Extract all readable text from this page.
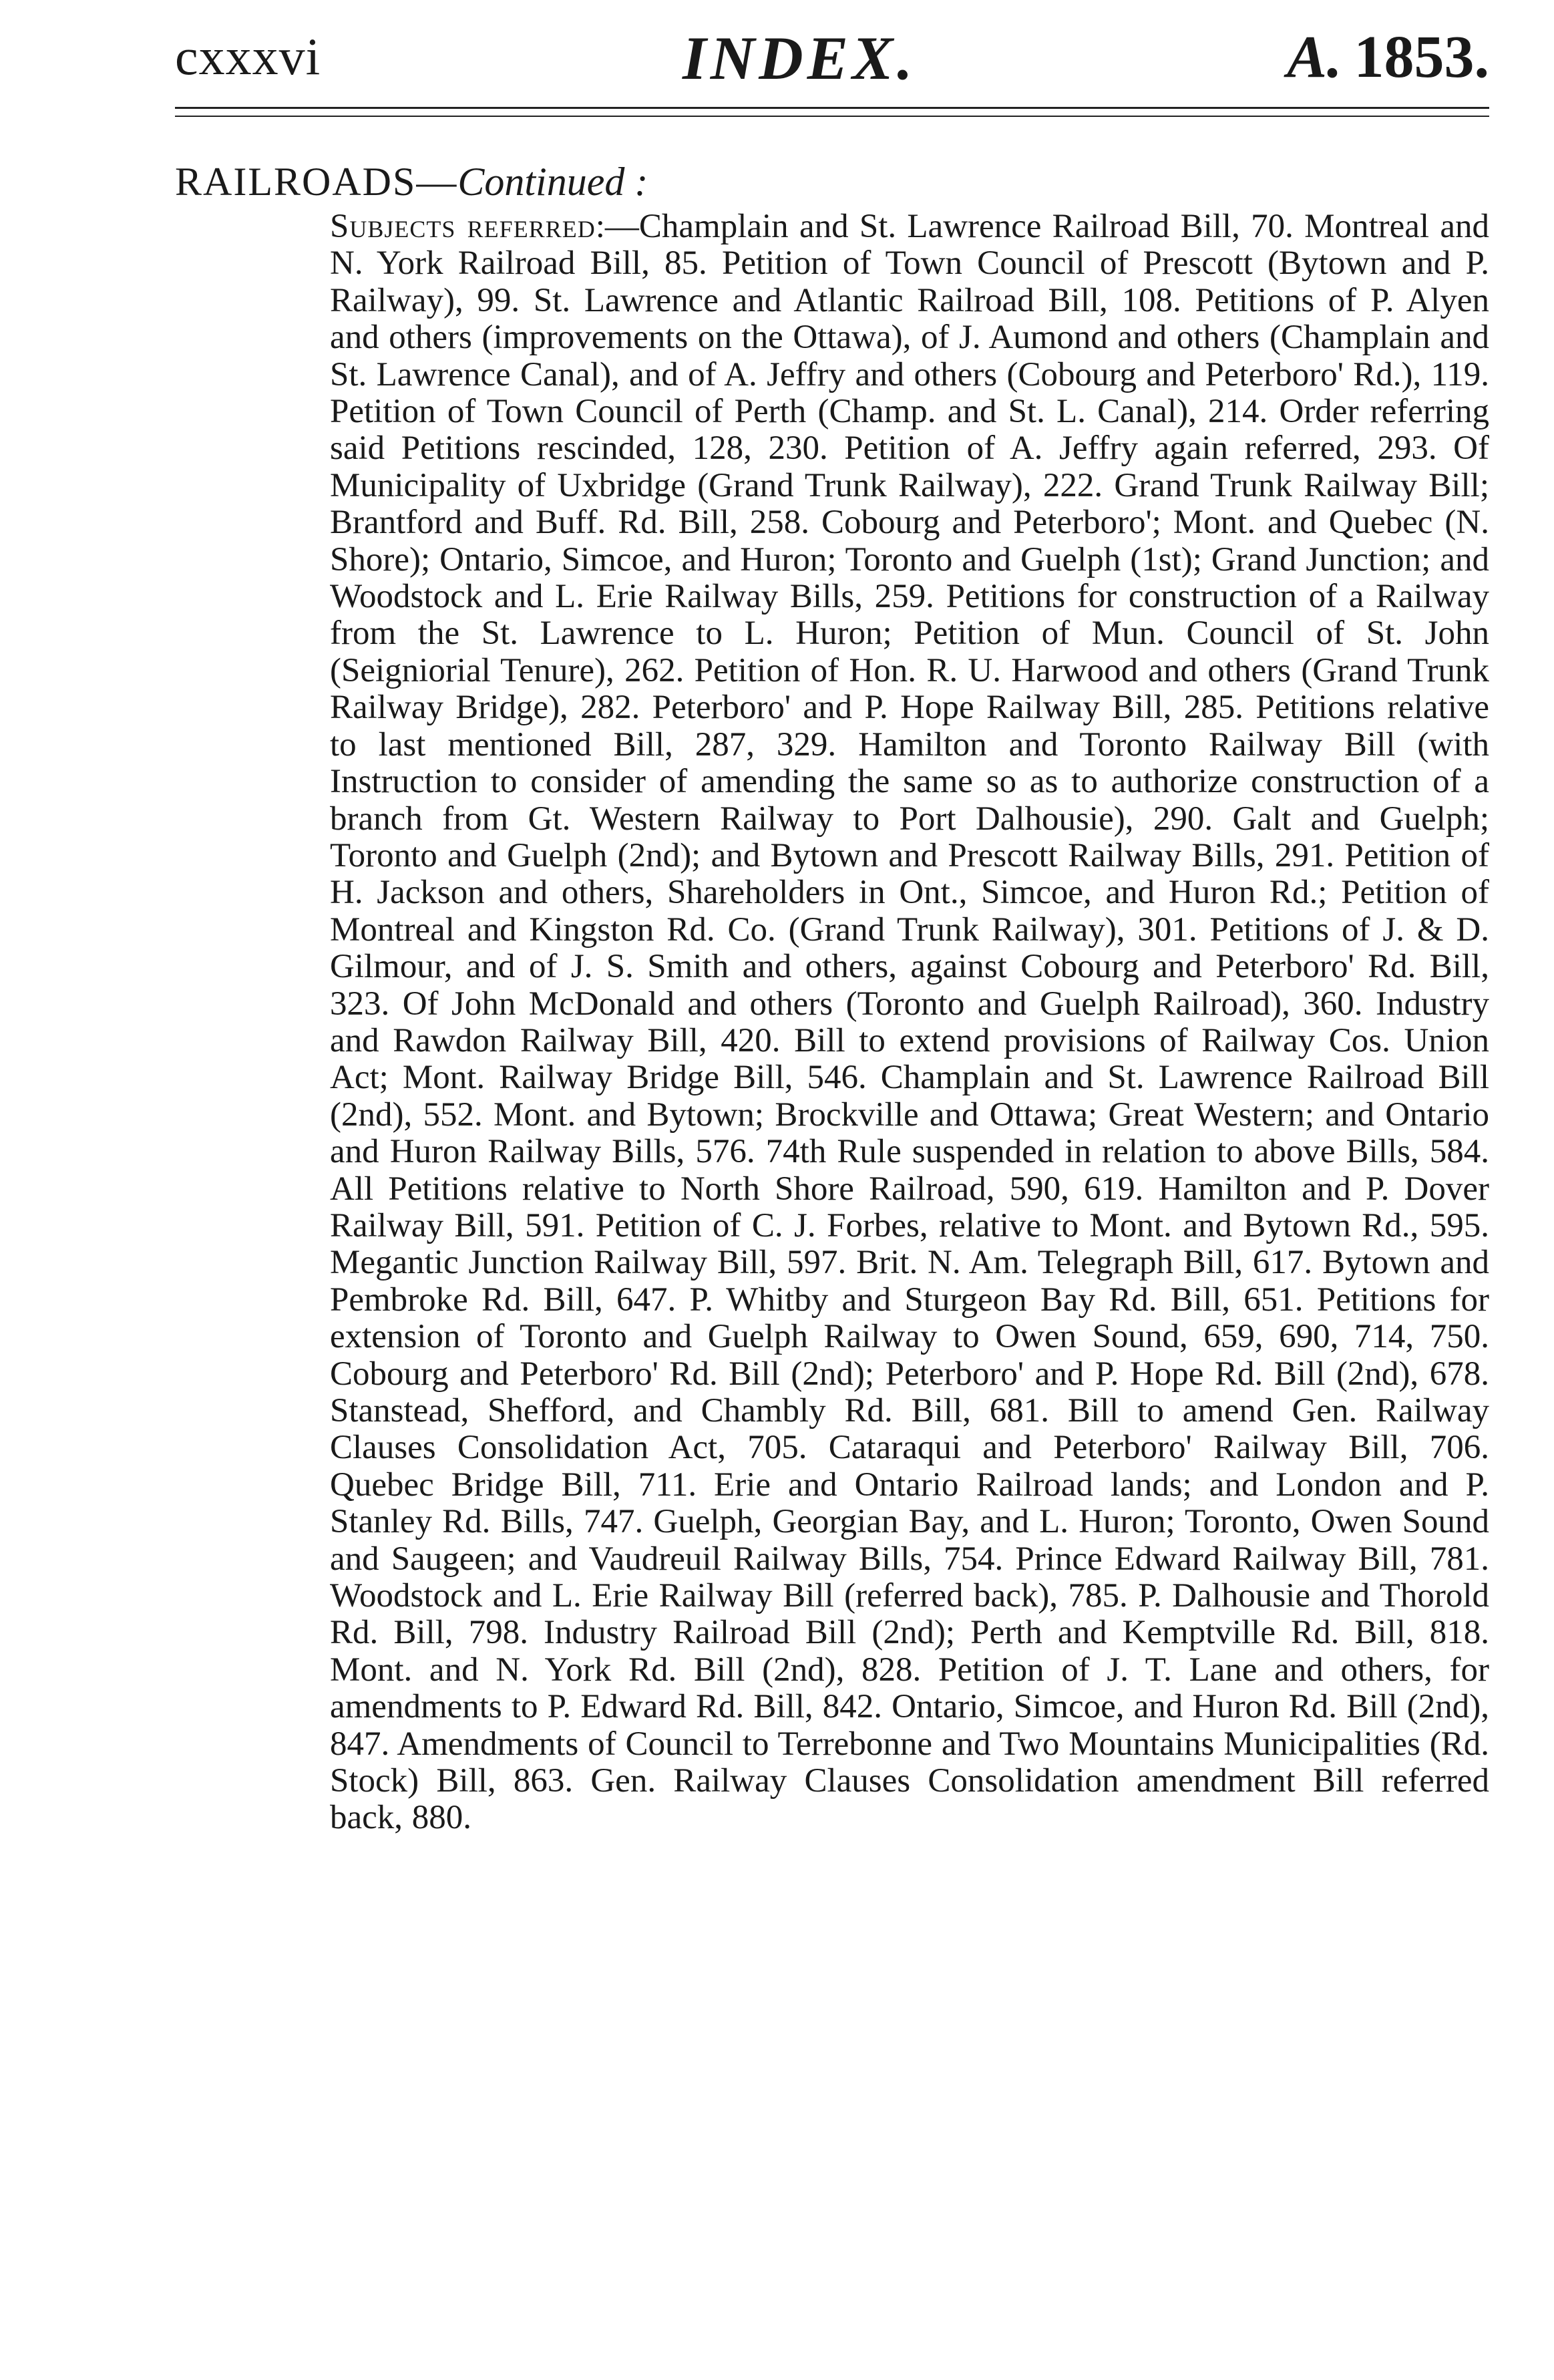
cxxxvi	INDEX.	A. 1853.
RAILROADS—Continued :
Subjects referred:—Champlain and St. Lawrence Railroad Bill, 70. Montreal and N. York Railroad Bill, 85. Petition of Town Council of Prescott (Bytown and P. Railway), 99. St. Lawrence and Atlantic Railroad Bill, 108. Petitions of P. Alyen and others (improvements on the Ottawa), of J. Aumond and others (Champlain and St. Lawrence Canal), and of A. Jeffry and others (Cobourg and Peterboro' Rd.), 119. Petition of Town Council of Perth (Champ. and St. L. Canal), 214. Order referring said Petitions rescinded, 128, 230. Petition of A. Jeffry again referred, 293. Of Municipality of Uxbridge (Grand Trunk Railway), 222. Grand Trunk Railway Bill; Brantford and Buff. Rd. Bill, 258. Cobourg and Peterboro'; Mont. and Quebec (N. Shore); Ontario, Simcoe, and Huron; Toronto and Guelph (1st); Grand Junction; and Woodstock and L. Erie Railway Bills, 259. Petitions for construction of a Railway from the St. Lawrence to L. Huron; Petition of Mun. Council of St. John (Seigniorial Tenure), 262. Petition of Hon. R. U. Harwood and others (Grand Trunk Railway Bridge), 282. Peterboro' and P. Hope Railway Bill, 285. Petitions relative to last mentioned Bill, 287, 329. Hamilton and Toronto Railway Bill (with Instruction to consider of amending the same so as to authorize construction of a branch from Gt. Western Railway to Port Dalhousie), 290. Galt and Guelph; Toronto and Guelph (2nd); and Bytown and Prescott Railway Bills, 291. Petition of H. Jackson and others, Shareholders in Ont., Simcoe, and Huron Rd.; Petition of Montreal and Kingston Rd. Co. (Grand Trunk Railway), 301. Petitions of J. & D. Gilmour, and of J. S. Smith and others, against Cobourg and Peterboro' Rd. Bill, 323. Of John McDonald and others (Toronto and Guelph Railroad), 360. Industry and Rawdon Railway Bill, 420. Bill to extend provisions of Railway Cos. Union Act; Mont. Railway Bridge Bill, 546. Champlain and St. Lawrence Railroad Bill (2nd), 552. Mont. and Bytown; Brockville and Ottawa; Great Western; and Ontario and Huron Railway Bills, 576. 74th Rule suspended in relation to above Bills, 584. All Petitions relative to North Shore Railroad, 590, 619. Hamilton and P. Dover Railway Bill, 591. Petition of C. J. Forbes, relative to Mont. and Bytown Rd., 595. Megantic Junction Railway Bill, 597. Brit. N. Am. Telegraph Bill, 617. Bytown and Pembroke Rd. Bill, 647. P. Whitby and Sturgeon Bay Rd. Bill, 651. Petitions for extension of Toronto and Guelph Railway to Owen Sound, 659, 690, 714, 750. Cobourg and Peterboro' Rd. Bill (2nd); Peterboro' and P. Hope Rd. Bill (2nd), 678. Stanstead, Shefford, and Chambly Rd. Bill, 681. Bill to amend Gen. Railway Clauses Consolidation Act, 705. Cataraqui and Peterboro' Railway Bill, 706. Quebec Bridge Bill, 711. Erie and Ontario Railroad lands; and London and P. Stanley Rd. Bills, 747. Guelph, Georgian Bay, and L. Huron; Toronto, Owen Sound and Saugeen; and Vaudreuil Railway Bills, 754. Prince Edward Railway Bill, 781. Woodstock and L. Erie Railway Bill (referred back), 785. P. Dalhousie and Thorold Rd. Bill, 798. Industry Railroad Bill (2nd); Perth and Kemptville Rd. Bill, 818. Mont. and N. York Rd. Bill (2nd), 828. Petition of J. T. Lane and others, for amendments to P. Edward Rd. Bill, 842. Ontario, Simcoe, and Huron Rd. Bill (2nd), 847. Amendments of Council to Terrebonne and Two Mountains Municipalities (Rd. Stock) Bill, 863. Gen. Railway Clauses Consolidation amendment Bill referred back, 880.
